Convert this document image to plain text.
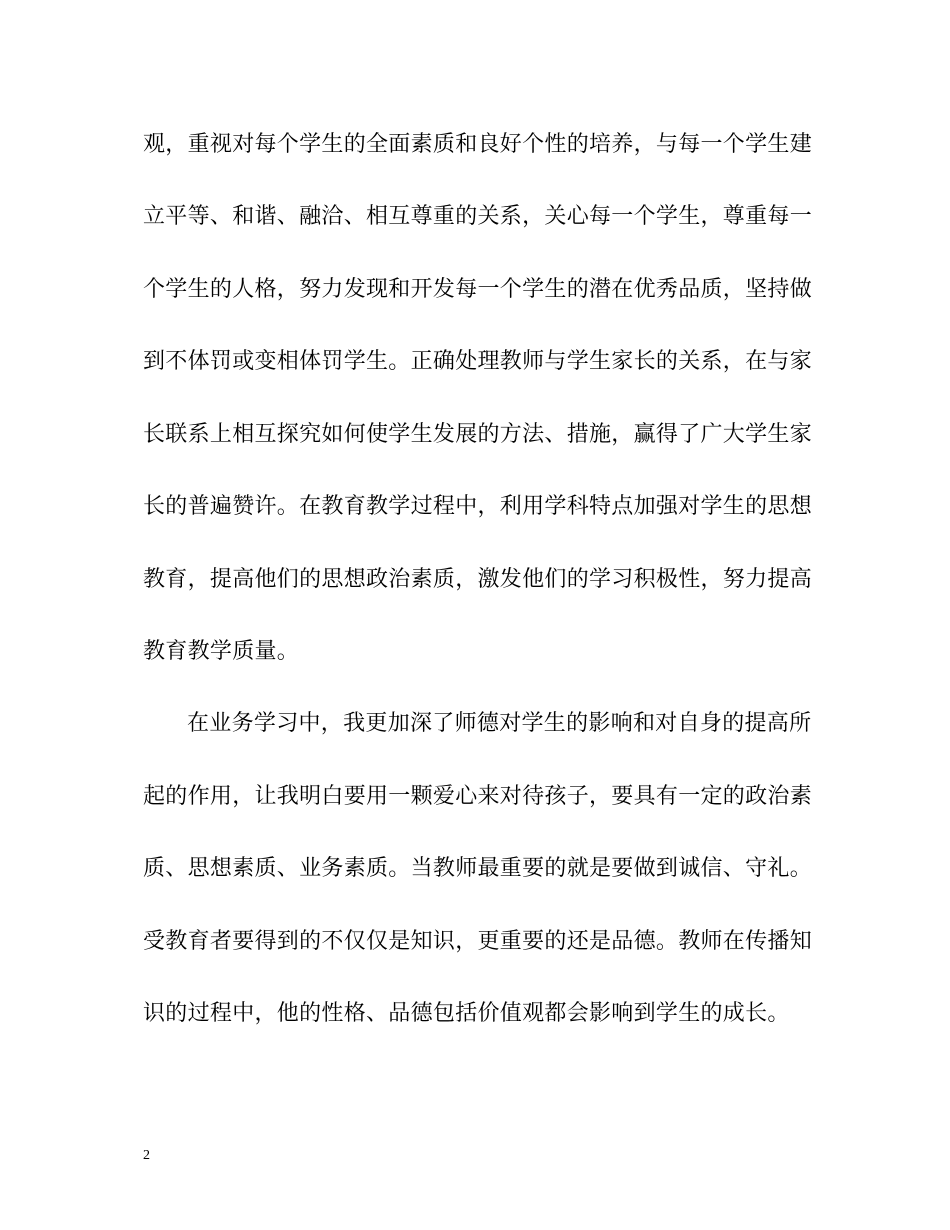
观，重视对每个学生的全面素质和良好个性的培养，与每一个学生建
立平等、和谐、融洽、相互尊重的关系，关心每一个学生，尊重每一
个学生的人格，努力发现和开发每一个学生的潜在优秀品质，坚持做
到不体罚或变相体罚学生。正确处理教师与学生家长的关系，在与家
长联系上相互探究如何使学生发展的方法、措施，赢得了广大学生家
长的普遍赞许。在教育教学过程中，利用学科特点加强对学生的思想
教育，提高他们的思想政治素质，激发他们的学习积极性，努力提高
教育教学质量。
在业务学习中，我更加深了师德对学生的影响和对自身的提高所
起的作用，让我明白要用一颗爱心来对待孩子，要具有一定的政治素
质、思想素质、业务素质。当教师最重要的就是要做到诚信、守礼。
受教育者要得到的不仅仅是知识，更重要的还是品德。教师在传播知
识的过程中，他的性格、品德包括价值观都会影响到学生的成长。
2
